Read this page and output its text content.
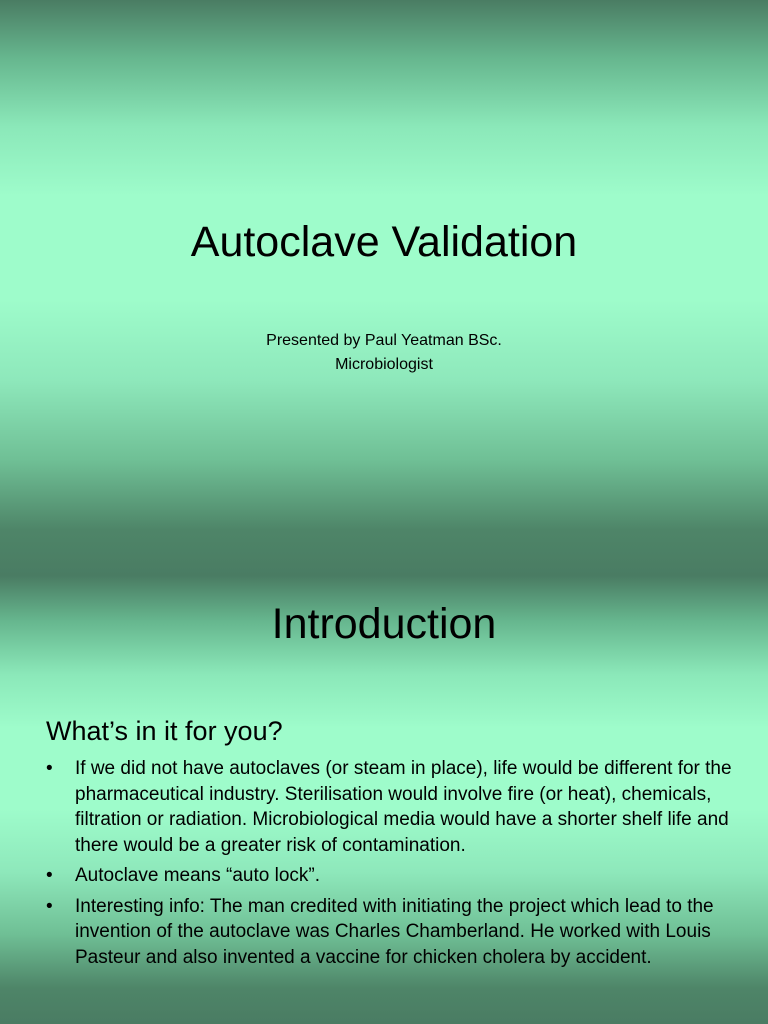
Autoclave Validation
Presented by Paul Yeatman BSc.
Microbiologist
Introduction
What’s in it for you?
• If we did not have autoclaves (or steam in place), life would be different for the pharmaceutical industry. Sterilisation would involve fire (or heat), chemicals, filtration or radiation. Microbiological media would have a shorter shelf life and there would be a greater risk of contamination.
• Autoclave means “auto lock”.
• Interesting info: The man credited with initiating the project which lead to the invention of the autoclave was Charles Chamberland. He worked with Louis Pasteur and also invented a vaccine for chicken cholera by accident.
